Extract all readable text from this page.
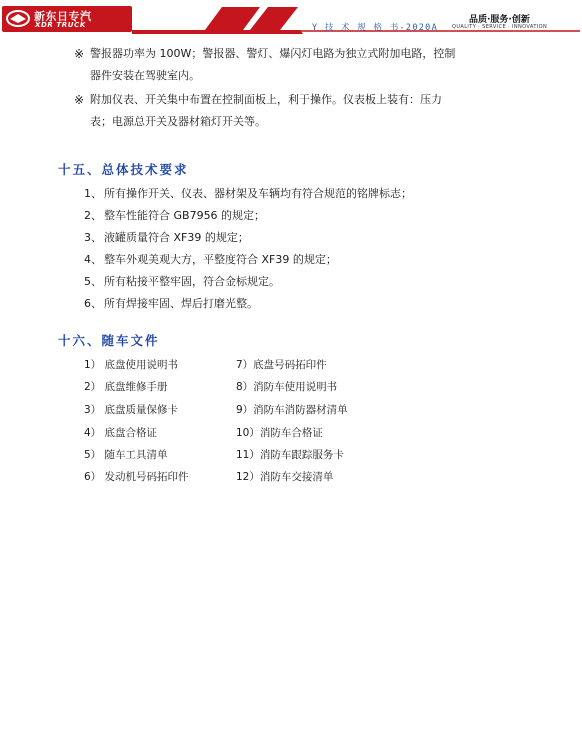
新东日专汽
XDR TRUCK	Y 技 术 规 格 书-2020A
品质·服务·创新
QUALITY · SERVICE · INNOVATION
※ 警报器功率为 100W；警报器、警灯、爆闪灯电路为独立式附加电路，控制
器件安装在驾驶室内。
※ 附加仪表、开关集中布置在控制面板上，利于操作。仪表板上装有：压力
表；电源总开关及器材箱灯开关等。
十五、总体技术要求
1、 所有操作开关、仪表、器材架及车辆均有符合规范的铭牌标志；
2、 整车性能符合 GB7956 的规定；
3、 液罐质量符合 XF39 的规定；
4、 整车外观美观大方，平整度符合 XF39 的规定；
5、 所有粘接平整牢固，符合金标规定。
6、 所有焊接牢固、焊后打磨光整。
十六、随车文件
1） 底盘使用说明书	7）底盘号码拓印件
2） 底盘维修手册	8）消防车使用说明书
3） 底盘质量保修卡	9）消防车消防器材清单
4） 底盘合格证	10）消防车合格证
5） 随车工具清单	11）消防车跟踪服务卡
6） 发动机号码拓印件	12）消防车交接清单
